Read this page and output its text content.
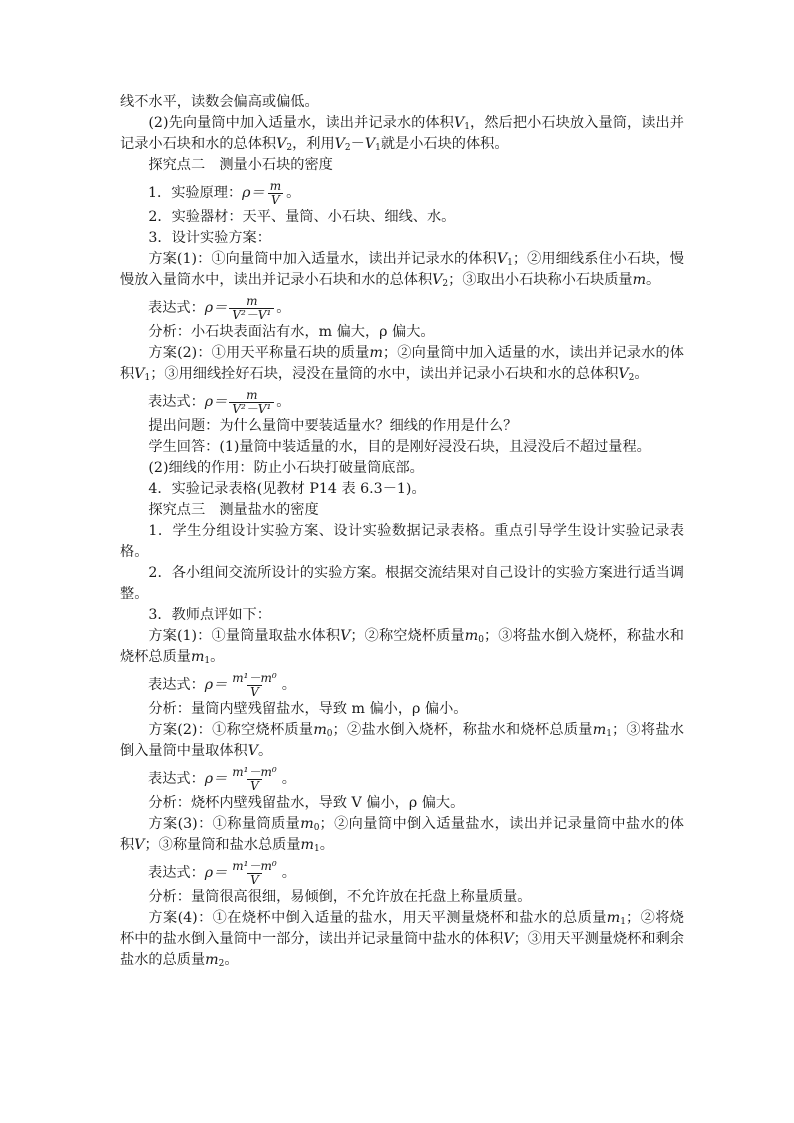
线不水平，读数会偏高或偏低。

(2)先向量筒中加入适量水，读出并记录水的体积$V_1$，然后把小石块放入量筒，读出并记录小石块和水的总体积$V_2$，利用$V_2-V_1$就是小石块的体积。

探究点二　测量小石块的密度

1．实验原理： $\rho= \frac{m}{V}$ 。

2．实验器材：天平、量筒、小石块、细线、水。

3．设计实验方案：

方案(1)：①向量筒中加入适量水，读出并记录水的体积$V_1$；②用细线系住小石块，慢慢放入量筒水中，读出并记录小石块和水的总体积$V_2$；③取出小石块称小石块质量m。

表达式： $\rho= \frac{m}{\text{V²－V¹}}$ 。

分析：小石块表面沾有水，m 偏大，ρ 偏大。

方案(2)：①用天平称量石块的质量m；②向量筒中加入适量的水，读出并记录水的体积$V_1$；③用细线拴好石块，浸没在量筒的水中，读出并记录小石块和水的总体积$V_2$。

表达式： $\rho= \frac{m}{\text{V²－V¹}}$ 。

提出问题：为什么量筒中要装适量水？细线的作用是什么？

学生回答：(1)量筒中装适量的水，目的是刚好浸没石块，且浸没后不超过量程。

(2)细线的作用：防止小石块打破量筒底部。

4．实验记录表格(见教材 P14 表 6.3－1)。

探究点三　测量盐水的密度

1．学生分组设计实验方案、设计实验数据记录表格。重点引导学生设计实验记录表格。

2．各小组间交流所设计的实验方案。根据交流结果对自己设计的实验方案进行适当调整。

3．教师点评如下：

方案(1)：①量筒量取盐水体积V；②称空烧杯质量$m_0$；③将盐水倒入烧杯，称盐水和烧杯总质量$m_1$。

表达式： $\rho= \frac{\text{m¹－m⁰}}{V}$ 。

分析：量筒内壁残留盐水，导致 m 偏小，ρ 偏小。

方案(2)：①称空烧杯质量$m_0$；②盐水倒入烧杯，称盐水和烧杯总质量$m_1$；③将盐水倒入量筒中量取体积V。

表达式： $\rho= \frac{\text{m¹－m⁰}}{V}$ 。

分析：烧杯内壁残留盐水，导致 V 偏小，ρ 偏大。

方案(3)：①称量筒质量$m_0$；②向量筒中倒入适量盐水，读出并记录量筒中盐水的体积V；③称量筒和盐水总质量$m_1$。

表达式： $\rho= \frac{\text{m¹－m⁰}}{V}$ 。

分析：量筒很高很细，易倾倒，不允许放在托盘上称量质量。

方案(4)：①在烧杯中倒入适量的盐水，用天平测量烧杯和盐水的总质量$m_1$；②将烧杯中的盐水倒入量筒中一部分，读出并记录量筒中盐水的体积V；③用天平测量烧杯和剩余盐水的总质量$m_2$。
